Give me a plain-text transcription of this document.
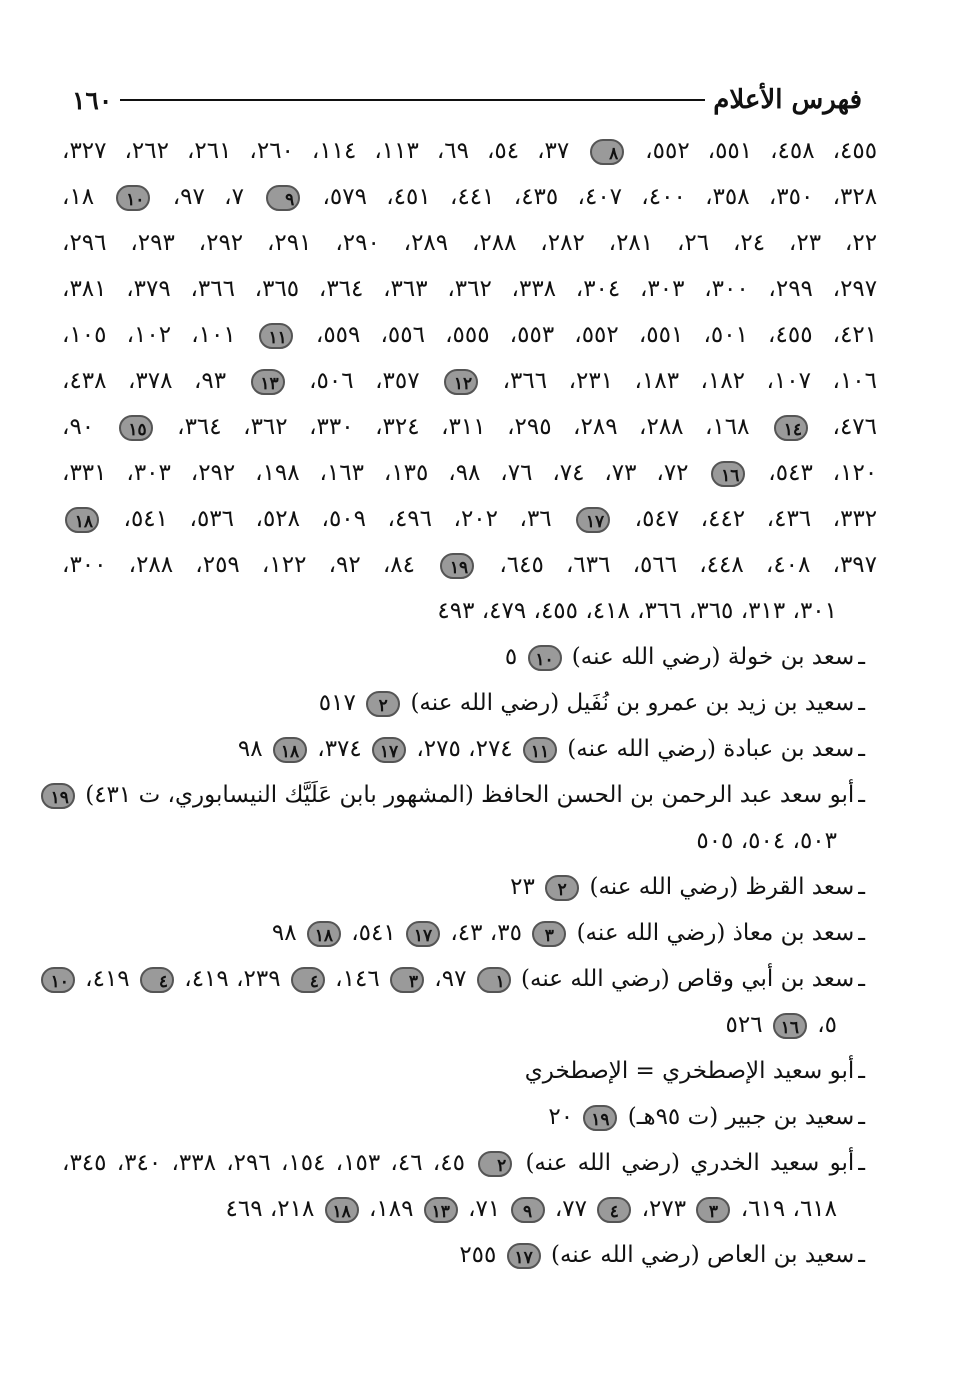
فهرس الأعلام
١٦٠
٤٥٥، ٤٥٨، ٥٥١، ٥٥٢، ٨ ٣٧، ٥٤، ٦٩، ١١٣، ١١٤، ٢٦٠، ٢٦١، ٢٦٢، ٣٢٧،
٣٢٨، ٣٥٠، ٣٥٨، ٤٠٠، ٤٠٧، ٤٣٥، ٤٤١، ٤٥١، ٥٧٩، ٩ ٧، ٩٧، ١٠ ١٨،
٢٢، ٢٣، ٢٤، ٢٦، ٢٨١، ٢٨٢، ٢٨٨، ٢٨٩، ٢٩٠، ٢٩١، ٢٩٢، ٢٩٣، ٢٩٦،
٢٩٧، ٢٩٩، ٣٠٠، ٣٠٣، ٣٠٤، ٣٣٨، ٣٦٢، ٣٦٣، ٣٦٤، ٣٦٥، ٣٦٦، ٣٧٩، ٣٨١،
٤٢١، ٤٥٥، ٥٠١، ٥٥١، ٥٥٢، ٥٥٣، ٥٥٥، ٥٥٦، ٥٥٩، ١١ ١٠١، ١٠٢، ١٠٥،
١٠٦، ١٠٧، ١٨٢، ١٨٣، ٢٣١، ٣٦٦، ١٢ ٣٥٧، ٥٠٦، ١٣ ٩٣، ٣٧٨، ٤٣٨،
٤٧٦، ١٤ ١٦٨، ٢٨٨، ٢٨٩، ٢٩٥، ٣١١، ٣٢٤، ٣٣٠، ٣٦٢، ٣٦٤، ١٥ ٩٠،
١٢٠، ٥٤٣، ١٦ ٧٢، ٧٣، ٧٤، ٧٦، ٩٨، ١٣٥، ١٦٣، ١٩٨، ٢٩٢، ٣٠٣، ٣٣١،
٣٣٢، ٤٣٦، ٤٤٢، ٥٤٧، ١٧ ٣٦، ٢٠٢، ٤٩٦، ٥٠٩، ٥٢٨، ٥٣٦، ٥٤١، ١٨
٣٩٧، ٤٠٨، ٤٤٨، ٥٦٦، ٦٣٦، ٦٤٥، ١٩ ٨٤، ٩٢، ١٢٢، ٢٥٩، ٢٨٨، ٣٠٠،
٣٠١، ٣١٣، ٣٦٥، ٣٦٦، ٤١٨، ٤٥٥، ٤٧٩، ٤٩٣
ـسعد بن خولة (رضي الله عنه) ١٠ ٥
ـسعيد بن زيد بن عمرو بن نُفَيل (رضي الله عنه) ٢ ٥١٧
ـسعد بن عبادة (رضي الله عنه) ١١ ٢٧٤، ٢٧٥، ١٧ ٣٧٤، ١٨ ٩٨
ـأبو سعد عبد الرحمن بن الحسن الحافظ (المشهور بابن عَلَيَّك النيسابوري، ت ٤٣١) ١٩
٥٠٣، ٥٠٤، ٥٠٥
ـسعد القرظ (رضي الله عنه) ٢ ٢٣
ـسعد بن معاذ (رضي الله عنه) ٣ ٣٥، ٤٣، ١٧ ٥٤١، ١٨ ٩٨
ـسعد بن أبي وقاص (رضي الله عنه) ١ ٩٧، ٣ ١٤٦، ٤ ٢٣٩، ٤١٩، ٤ ٤١٩، ١٠
٥، ١٦ ٥٢٦
ـأبو سعيد الإصطخري = الإصطخري
ـسعيد بن جبير (ت ٩٥هـ) ١٩ ٢٠
ـأبو سعيد الخدري (رضي الله عنه) ٢ ٤٥، ٤٦، ١٥٣، ١٥٤، ٢٩٦، ٣٣٨، ٣٤٠، ٣٤٥،
٦١٨، ٦١٩، ٣ ٢٧٣، ٤ ٧٧، ٩ ٧١، ١٣ ١٨٩، ١٨ ٢١٨، ٤٦٩
ـسعيد بن العاص (رضي الله عنه) ١٧ ٢٥٥
